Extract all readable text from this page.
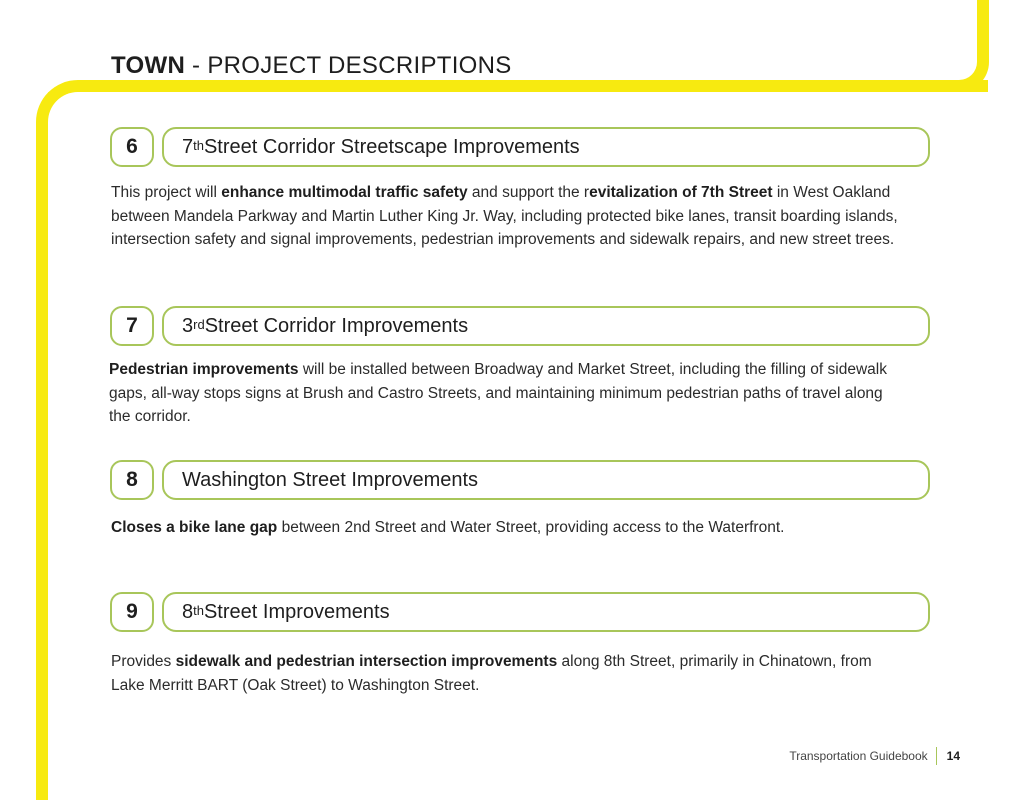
TOWN - PROJECT DESCRIPTIONS
6	7th Street Corridor Streetscape Improvements

This project will enhance multimodal traffic safety and support the revitalization of 7th Street in West Oakland between Mandela Parkway and Martin Luther King Jr. Way, including protected bike lanes, transit boarding islands, intersection safety and signal improvements, pedestrian improvements and sidewalk repairs, and new street trees.

7	3rd Street Corridor Improvements

Pedestrian improvements will be installed between Broadway and Market Street, including the filling of sidewalk gaps, all-way stops signs at Brush and Castro Streets, and maintaining minimum pedestrian paths of travel along the corridor.

8	Washington Street Improvements

Closes a bike lane gap between 2nd Street and Water Street, providing access to the Waterfront.

9	8th Street Improvements

Provides sidewalk and pedestrian intersection improvements along 8th Street, primarily in Chinatown, from Lake Merritt BART (Oak Street) to Washington Street.

Transportation Guidebook 14
